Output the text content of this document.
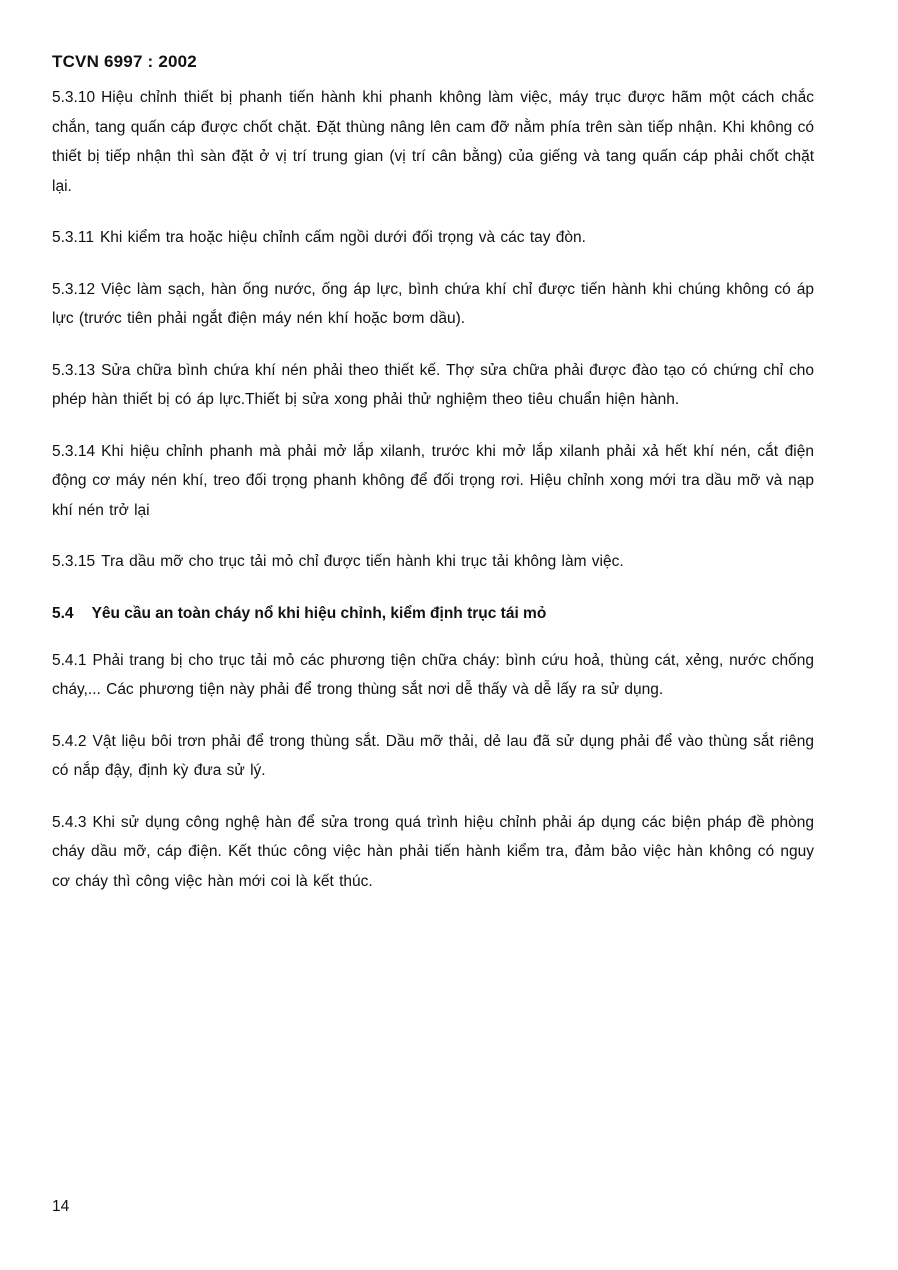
TCVN 6997 : 2002

5.3.10 Hiệu chỉnh thiết bị phanh tiến hành khi phanh không làm việc, máy trục được hãm một cách chắc chắn, tang quấn cáp được chốt chặt. Đặt thùng nâng lên cam đỡ nằm phía trên sàn tiếp nhận. Khi không có thiết bị tiếp nhận thì sàn đặt ở vị trí trung gian (vị trí cân bằng) của giếng và tang quấn cáp phải chốt chặt lại.

5.3.11 Khi kiểm tra hoặc hiệu chỉnh cấm ngồi dưới đối trọng và các tay đòn.

5.3.12 Việc làm sạch, hàn ống nước, ống áp lực, bình chứa khí chỉ được tiến hành khi chúng không có áp lực (trước tiên phải ngắt điện máy nén khí hoặc bơm dầu).

5.3.13 Sửa chữa bình chứa khí nén phải theo thiết kế. Thợ sửa chữa phải được đào tạo có chứng chỉ cho phép hàn thiết bị có áp lực.Thiết bị sửa xong phải thử nghiệm theo tiêu chuẩn hiện hành.

5.3.14 Khi hiệu chỉnh phanh mà phải mở lắp xilanh, trước khi mở lắp xilanh phải xả hết khí nén, cắt điện động cơ máy nén khí, treo đối trọng phanh không để đối trọng rơi. Hiệu chỉnh xong mới tra dầu mỡ và nạp khí nén trở lại

5.3.15 Tra dầu mỡ cho trục tải mỏ chỉ được tiến hành khi trục tải không làm việc.

5.4 Yêu cầu an toàn cháy nổ khi hiệu chỉnh, kiểm định trục tái mỏ

5.4.1 Phải trang bị cho trục tải mỏ các phương tiện chữa cháy: bình cứu hoả, thùng cát, xẻng, nước chống cháy,... Các phương tiện này phải để trong thùng sắt nơi dễ thấy và dễ lấy ra sử dụng.

5.4.2 Vật liệu bôi trơn phải để trong thùng sắt. Dầu mỡ thải, dẻ lau đã sử dụng phải để vào thùng sắt riêng có nắp đậy, định kỳ đưa sử lý.

5.4.3 Khi sử dụng công nghệ hàn để sửa trong quá trình hiệu chỉnh phải áp dụng các biện pháp đề phòng cháy dầu mỡ, cáp điện. Kết thúc công việc hàn phải tiến hành kiểm tra, đảm bảo việc hàn không có nguy cơ cháy thì công việc hàn mới coi là kết thúc.

14
